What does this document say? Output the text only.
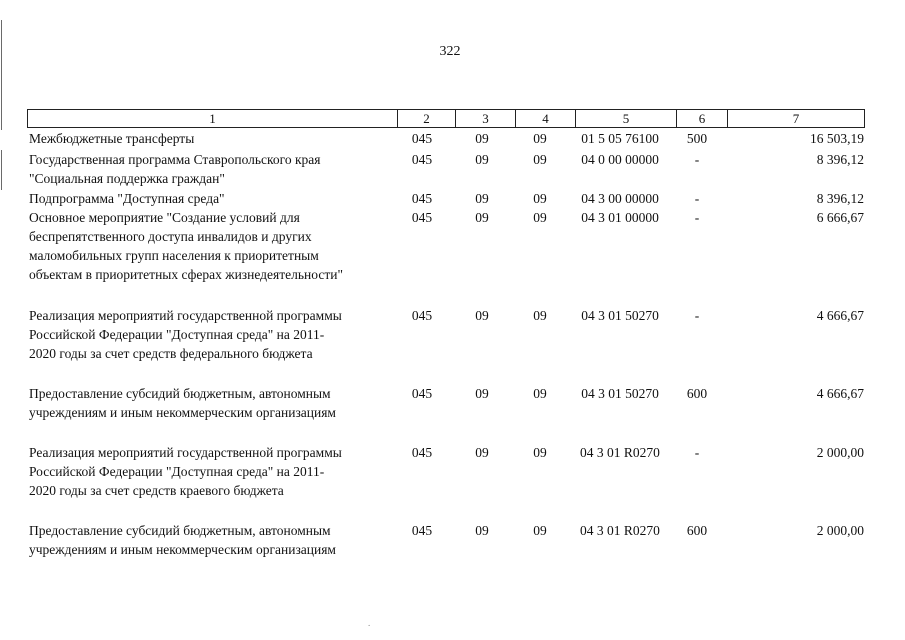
322
1	2	3	4	5	6	7
Межбюджетные трансферты	045	09	09	01 5 05 76100	500	16 503,19
Государственная программа Ставропольского края
"Социальная поддержка граждан"
045	09	09	04 0 00 00000	-	8 396,12
Подпрограмма "Доступная среда"	045	09	09	04 3 00 00000	-	8 396,12
Основное мероприятие "Создание условий для
беспрепятственного доступа инвалидов и других
маломобильных групп населения к приоритетным
объектам в приоритетных сферах жизнедеятельности"
045	09	09	04 3 01 00000	-	6 666,67
Реализация мероприятий государственной программы
Российской Федерации "Доступная среда" на 2011-
2020 годы за счет средств федерального бюджета
045	09	09	04 3 01 50270	-	4 666,67
Предоставление субсидий бюджетным, автономным
учреждениям и иным некоммерческим организациям
045	09	09	04 3 01 50270	600	4 666,67
Реализация мероприятий государственной программы
Российской Федерации "Доступная среда" на 2011-
2020 годы за счет средств краевого бюджета
045	09	09	04 3 01 R0270	-	2 000,00
Предоставление субсидий бюджетным, автономным
учреждениям и иным некоммерческим организациям
045	09	09	04 3 01 R0270	600	2 000,00
.
